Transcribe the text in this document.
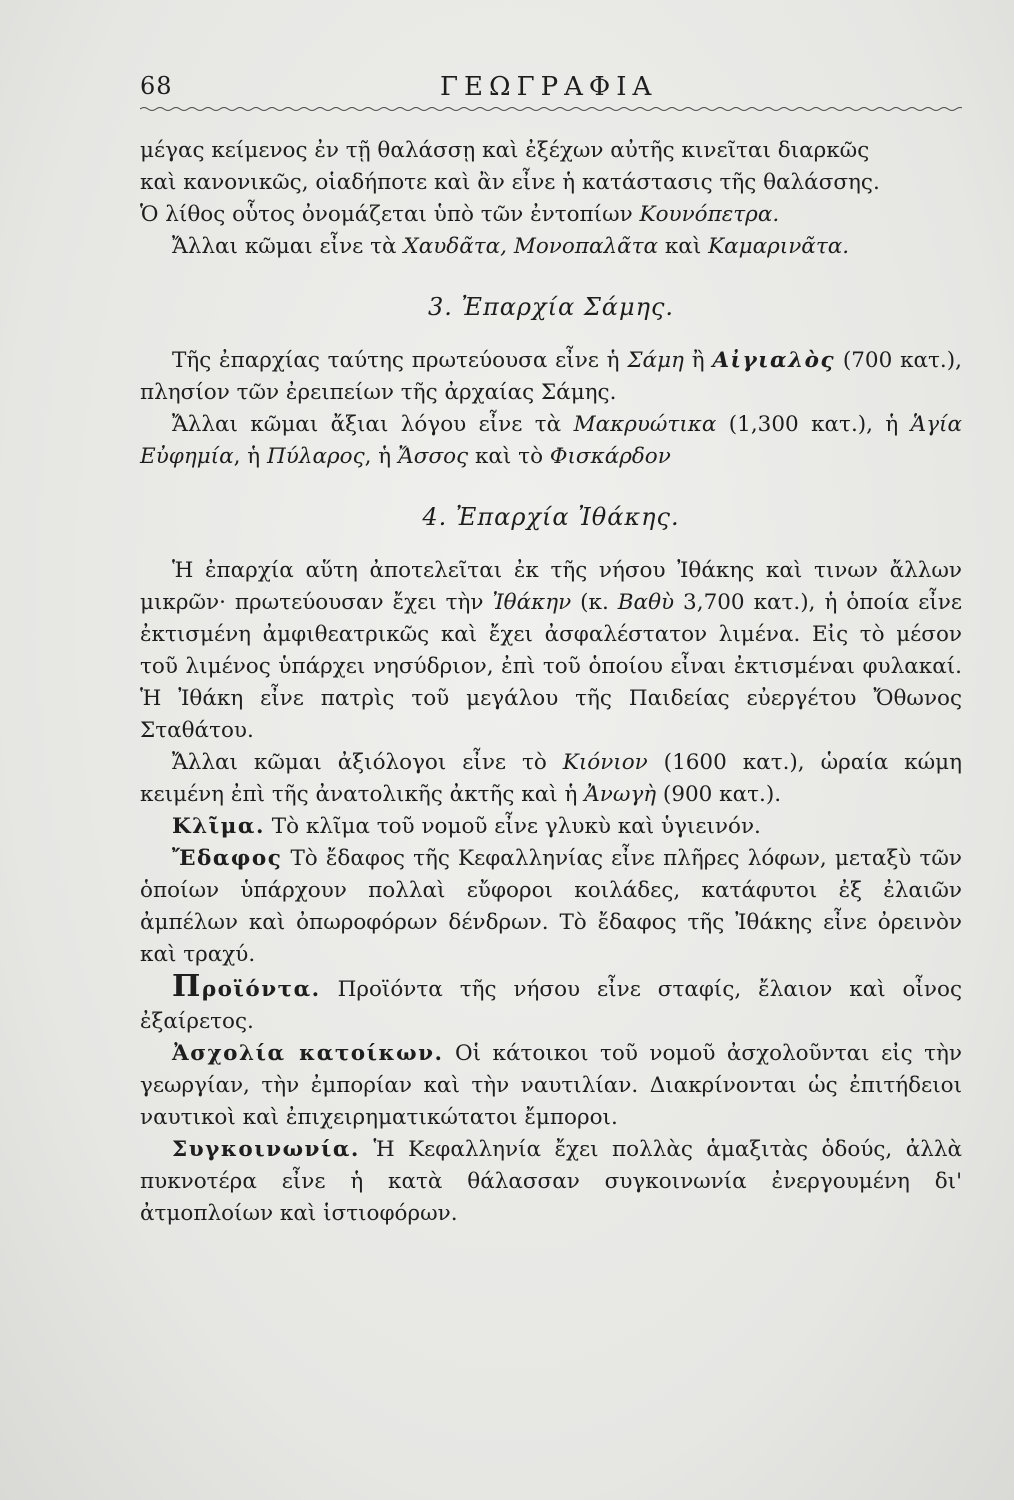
68	ΓΕΩΓΡΑΦΙΑ

μέγας κείμενος ἐν τῇ θαλάσσῃ καὶ ἐξέχων αὐτῆς κινεῖται διαρκῶς
καὶ κανονικῶς, οἱαδήποτε καὶ ἂν εἶνε ἡ κατάστασις τῆς θαλάσσης.
Ὁ λίθος οὗτος ὀνομάζεται ὑπὸ τῶν ἐντοπίων Κουνόπετρα.

Ἄλλαι κῶμαι εἶνε τὰ Χαυδᾶτα, Μονοπαλᾶτα καὶ Καμαρινᾶτα.

3. Ἐπαρχία Σάμης.

Τῆς ἐπαρχίας ταύτης πρωτεύουσα εἶνε ἡ Σάμη ἢ Αἰγιαλὸς (700 κατ.), πλησίον τῶν ἐρειπείων τῆς ἀρχαίας Σάμης.

Ἄλλαι κῶμαι ἄξιαι λόγου εἶνε τὰ Μακρυώτικα (1,300 κατ.), ἡ Ἁγία Εὐφημία, ἡ Πύλαρος, ἡ Ἄσσος καὶ τὸ Φισκάρδον

4. Ἐπαρχία Ἰθάκης.

Ἡ ἐπαρχία αὕτη ἀποτελεῖται ἐκ τῆς νήσου Ἰθάκης καὶ τινων ἄλλων μικρῶν· πρωτεύουσαν ἔχει τὴν Ἰθάκην (κ. Βαθὺ 3,700 κατ.), ἡ ὁποία εἶνε ἐκτισμένη ἀμφιθεατρικῶς καὶ ἔχει ἀσφαλέστατον λιμένα. Εἰς τὸ μέσον τοῦ λιμένος ὑπάρχει νησύδριον, ἐπὶ τοῦ ὁποίου εἶναι ἐκτισμέναι φυλακαί. Ἡ Ἰθάκη εἶνε πατρὶς τοῦ μεγάλου τῆς Παιδείας εὐεργέτου Ὄθωνος Σταθάτου.

Ἄλλαι κῶμαι ἀξιόλογοι εἶνε τὸ Κιόνιον (1600 κατ.), ὡραία κώμη κειμένη ἐπὶ τῆς ἀνατολικῆς ἀκτῆς καὶ ἡ Ἀνωγὴ (900 κατ.).

Κλῖμα. Τὸ κλῖμα τοῦ νομοῦ εἶνε γλυκὺ καὶ ὑγιεινόν.

Ἔδαφος Τὸ ἔδαφος τῆς Κεφαλληνίας εἶνε πλῆρες λόφων, μεταξὺ τῶν ὁποίων ὑπάρχουν πολλαὶ εὔφοροι κοιλάδες, κατάφυτοι ἐξ ἐλαιῶν ἀμπέλων καὶ ὀπωροφόρων δένδρων. Τὸ ἔδαφος τῆς Ἰθάκης εἶνε ὀρεινὸν καὶ τραχύ.

Προϊόντα. Προϊόντα τῆς νήσου εἶνε σταφίς, ἔλαιον καὶ οἶνος ἐξαίρετος.

Ἀσχολία κατοίκων. Οἱ κάτοικοι τοῦ νομοῦ ἀσχολοῦνται εἰς τὴν γεωργίαν, τὴν ἐμπορίαν καὶ τὴν ναυτιλίαν. Διακρίνονται ὡς ἐπιτήδειοι ναυτικοὶ καὶ ἐπιχειρηματικώτατοι ἔμποροι.

Συγκοινωνία. Ἡ Κεφαλληνία ἔχει πολλὰς ἁμαξιτὰς ὁδούς, ἀλλὰ πυκνοτέρα εἶνε ἡ κατὰ θάλασσαν συγκοινωνία ἐνεργουμένη δι' ἀτμοπλοίων καὶ ἱστιοφόρων.
